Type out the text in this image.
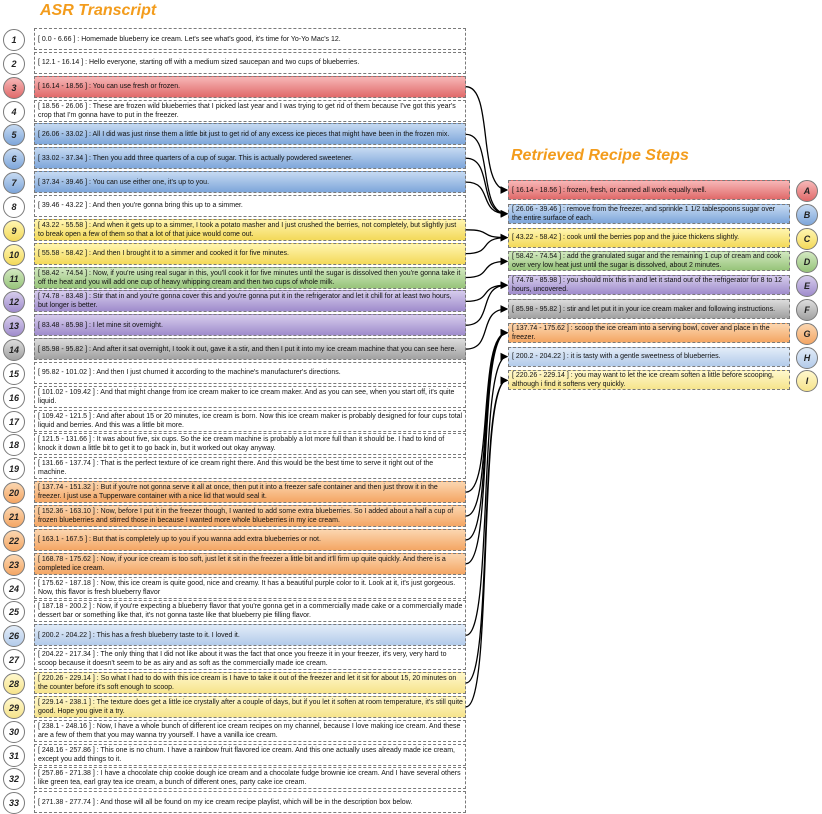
ASR Transcript
Retrieved Recipe Steps
1	[ 0.0 - 6.66 ] : Homemade blueberry ice cream. Let's see what's good, it's time for Yo-Yo Mac's 12.
2	[ 12.1 - 16.14 ] : Hello everyone, starting off with a medium sized saucepan and two cups of blueberries.
3	[ 16.14 - 18.56 ] : You can use fresh or frozen.
4
[ 18.56 - 26.06 ] : These are frozen wild blueberries that I picked last year and I was trying to get rid of them because I've got this year's crop that I'm gonna have to put in the freezer.
5	[ 26.06 - 33.02 ] : All I did was just rinse them a little bit just to get rid of any excess ice pieces that might have been in the frozen mix.
6	[ 33.02 - 37.34 ] : Then you add three quarters of a cup of sugar. This is actually powdered sweetener.
7	[ 37.34 - 39.46 ] : You can use either one, it's up to you.
8	[ 39.46 - 43.22 ] : And then you're gonna bring this up to a simmer.
9
[ 43.22 - 55.58 ] : And when it gets up to a simmer, I took a potato masher and I just crushed the berries, not completely, but slightly just to break open a few of them so that a lot of that juice would come out.
10	[ 55.58 - 58.42 ] : And then I brought it to a simmer and cooked it for five minutes.
11
[ 58.42 - 74.54 ] : Now, if you're using real sugar in this, you'll cook it for five minutes until the sugar is dissolved then you're gonna take it off the heat and you will add one cup of heavy whipping cream and then two cups of whole milk.
12
[ 74.78 - 83.48 ] : Stir that in and you're gonna cover this and you're gonna put it in the refrigerator and let it chill for at least two hours, but longer is better.
13	[ 83.48 - 85.98 ] : I let mine sit overnight.
14	[ 85.98 - 95.82 ] : And after it sat overnight, I took it out, gave it a stir, and then I put it into my ice cream machine that you can see here.
15	[ 95.82 - 101.02 ] : And then I just churned it according to the machine's manufacturer's directions.
16
[ 101.02 - 109.42 ] : And that might change from ice cream maker to ice cream maker. And as you can see, when you start off, it's quite liquid.
17
[ 109.42 - 121.5 ] : And after about 15 or 20 minutes, ice cream is born. Now this ice cream maker is probably designed for four cups total liquid and berries. And this was a little bit more.
18
[ 121.5 - 131.66 ] : It was about five, six cups. So the ice cream machine is probably a lot more full than it should be. I had to kind of knock it down a little bit to get it to go back in, but it worked out okay anyway.
19
[ 131.66 - 137.74 ] : That is the perfect texture of ice cream right there. And this would be the best time to serve it right out of the machine.
20
[ 137.74 - 151.32 ] : But if you're not gonna serve it all at once, then put it into a freezer safe container and then just throw it in the freezer. I just use a Tupperware container with a nice lid that would seal it.
21
[ 152.36 - 163.10 ] : Now, before I put it in the freezer though, I wanted to add some extra blueberries. So I added about a half a cup of frozen blueberries and stirred those in because I wanted more whole blueberries in my ice cream.
22	[ 163.1 - 167.5 ] : But that is completely up to you if you wanna add extra blueberries or not.
23
[ 168.78 - 175.62 ] : Now, if your ice cream is too soft, just let it sit in the freezer a little bit and it'll firm up quite quickly. And there is a completed ice cream.
24
[ 175.62 - 187.18 ] : Now, this ice cream is quite good, nice and creamy. It has a beautiful purple color to it. Look at it, it's just gorgeous. Now, this flavor is fresh blueberry flavor
25
[ 187.18 - 200.2 ] : Now, if you're expecting a blueberry flavor that you're gonna get in a commercially made cake or a commercially made dessert bar or something like that, it's not gonna taste like that blueberry pie filling flavor.
26	[ 200.2 - 204.22 ] : This has a fresh blueberry taste to it. I loved it.
27
[ 204.22 - 217.34 ] : The only thing that I did not like about it was the fact that once you freeze it in your freezer, it's very, very hard to scoop because it doesn't seem to be as airy and as soft as the commercially made ice cream.
28
[ 220.26 - 229.14 ] : So what I had to do with this ice cream is I have to take it out of the freezer and let it sit for about 15, 20 minutes on the counter before it's soft enough to scoop.
29
[ 229.14 - 238.1 ] : The texture does get a little ice crystally after a couple of days, but if you let it soften at room temperature, it's still quite good. Hope you give it a try.
30
[ 238.1 - 248.16 ] : Now, I have a whole bunch of different ice cream recipes on my channel, because I love making ice cream. And these are a few of them that you may wanna try yourself. I have a vanilla ice cream.
31
[ 248.16 - 257.86 ] : This one is no churn. I have a rainbow fruit flavored ice cream. And this one actually uses already made ice cream, except you add things to it.
32
[ 257.86 - 271.38 ] : I have a chocolate chip cookie dough ice cream and a chocolate fudge brownie ice cream. And I have several others like green tea, earl gray tea ice cream, a bunch of different ones, party cake ice cream.
33	[ 271.38 - 277.74 ] : And those will all be found on my ice cream recipe playlist, which will be in the description box below.
[ 16.14 - 18.56 ] : frozen, fresh, or canned all work equally well.	A
[ 26.06 - 39.46 ] : remove from the freezer, and sprinkle 1 1/2 tablespoons sugar over the entire surface of each.	B
[ 43.22 - 58.42 ] : cook until the berries pop and the juice thickens slightly.	C
[ 58.42 - 74.54 ] : add the granulated sugar and the remaining 1 cup of cream and cook over very low heat just until the sugar is dissolved, about 2 minutes.	D
[ 74.78 - 85.98 ] : you should mix this in and let it stand out of the refrigerator for 8 to 12 hours, uncovered.	E
[ 85.98 - 95.82 ] : stir and let put it in your ice cream maker and following instructions.	F
[ 137.74 - 175.62 ] : scoop the ice cream into a serving bowl, cover and place in the freezer.	G
[ 200.2 - 204.22 ] : it is tasty with a gentle sweetness of blueberries.	H
[ 220.26 - 229.14 ] : you may want to let the ice cream soften a little before scooping, although i find it softens very quickly.	I
